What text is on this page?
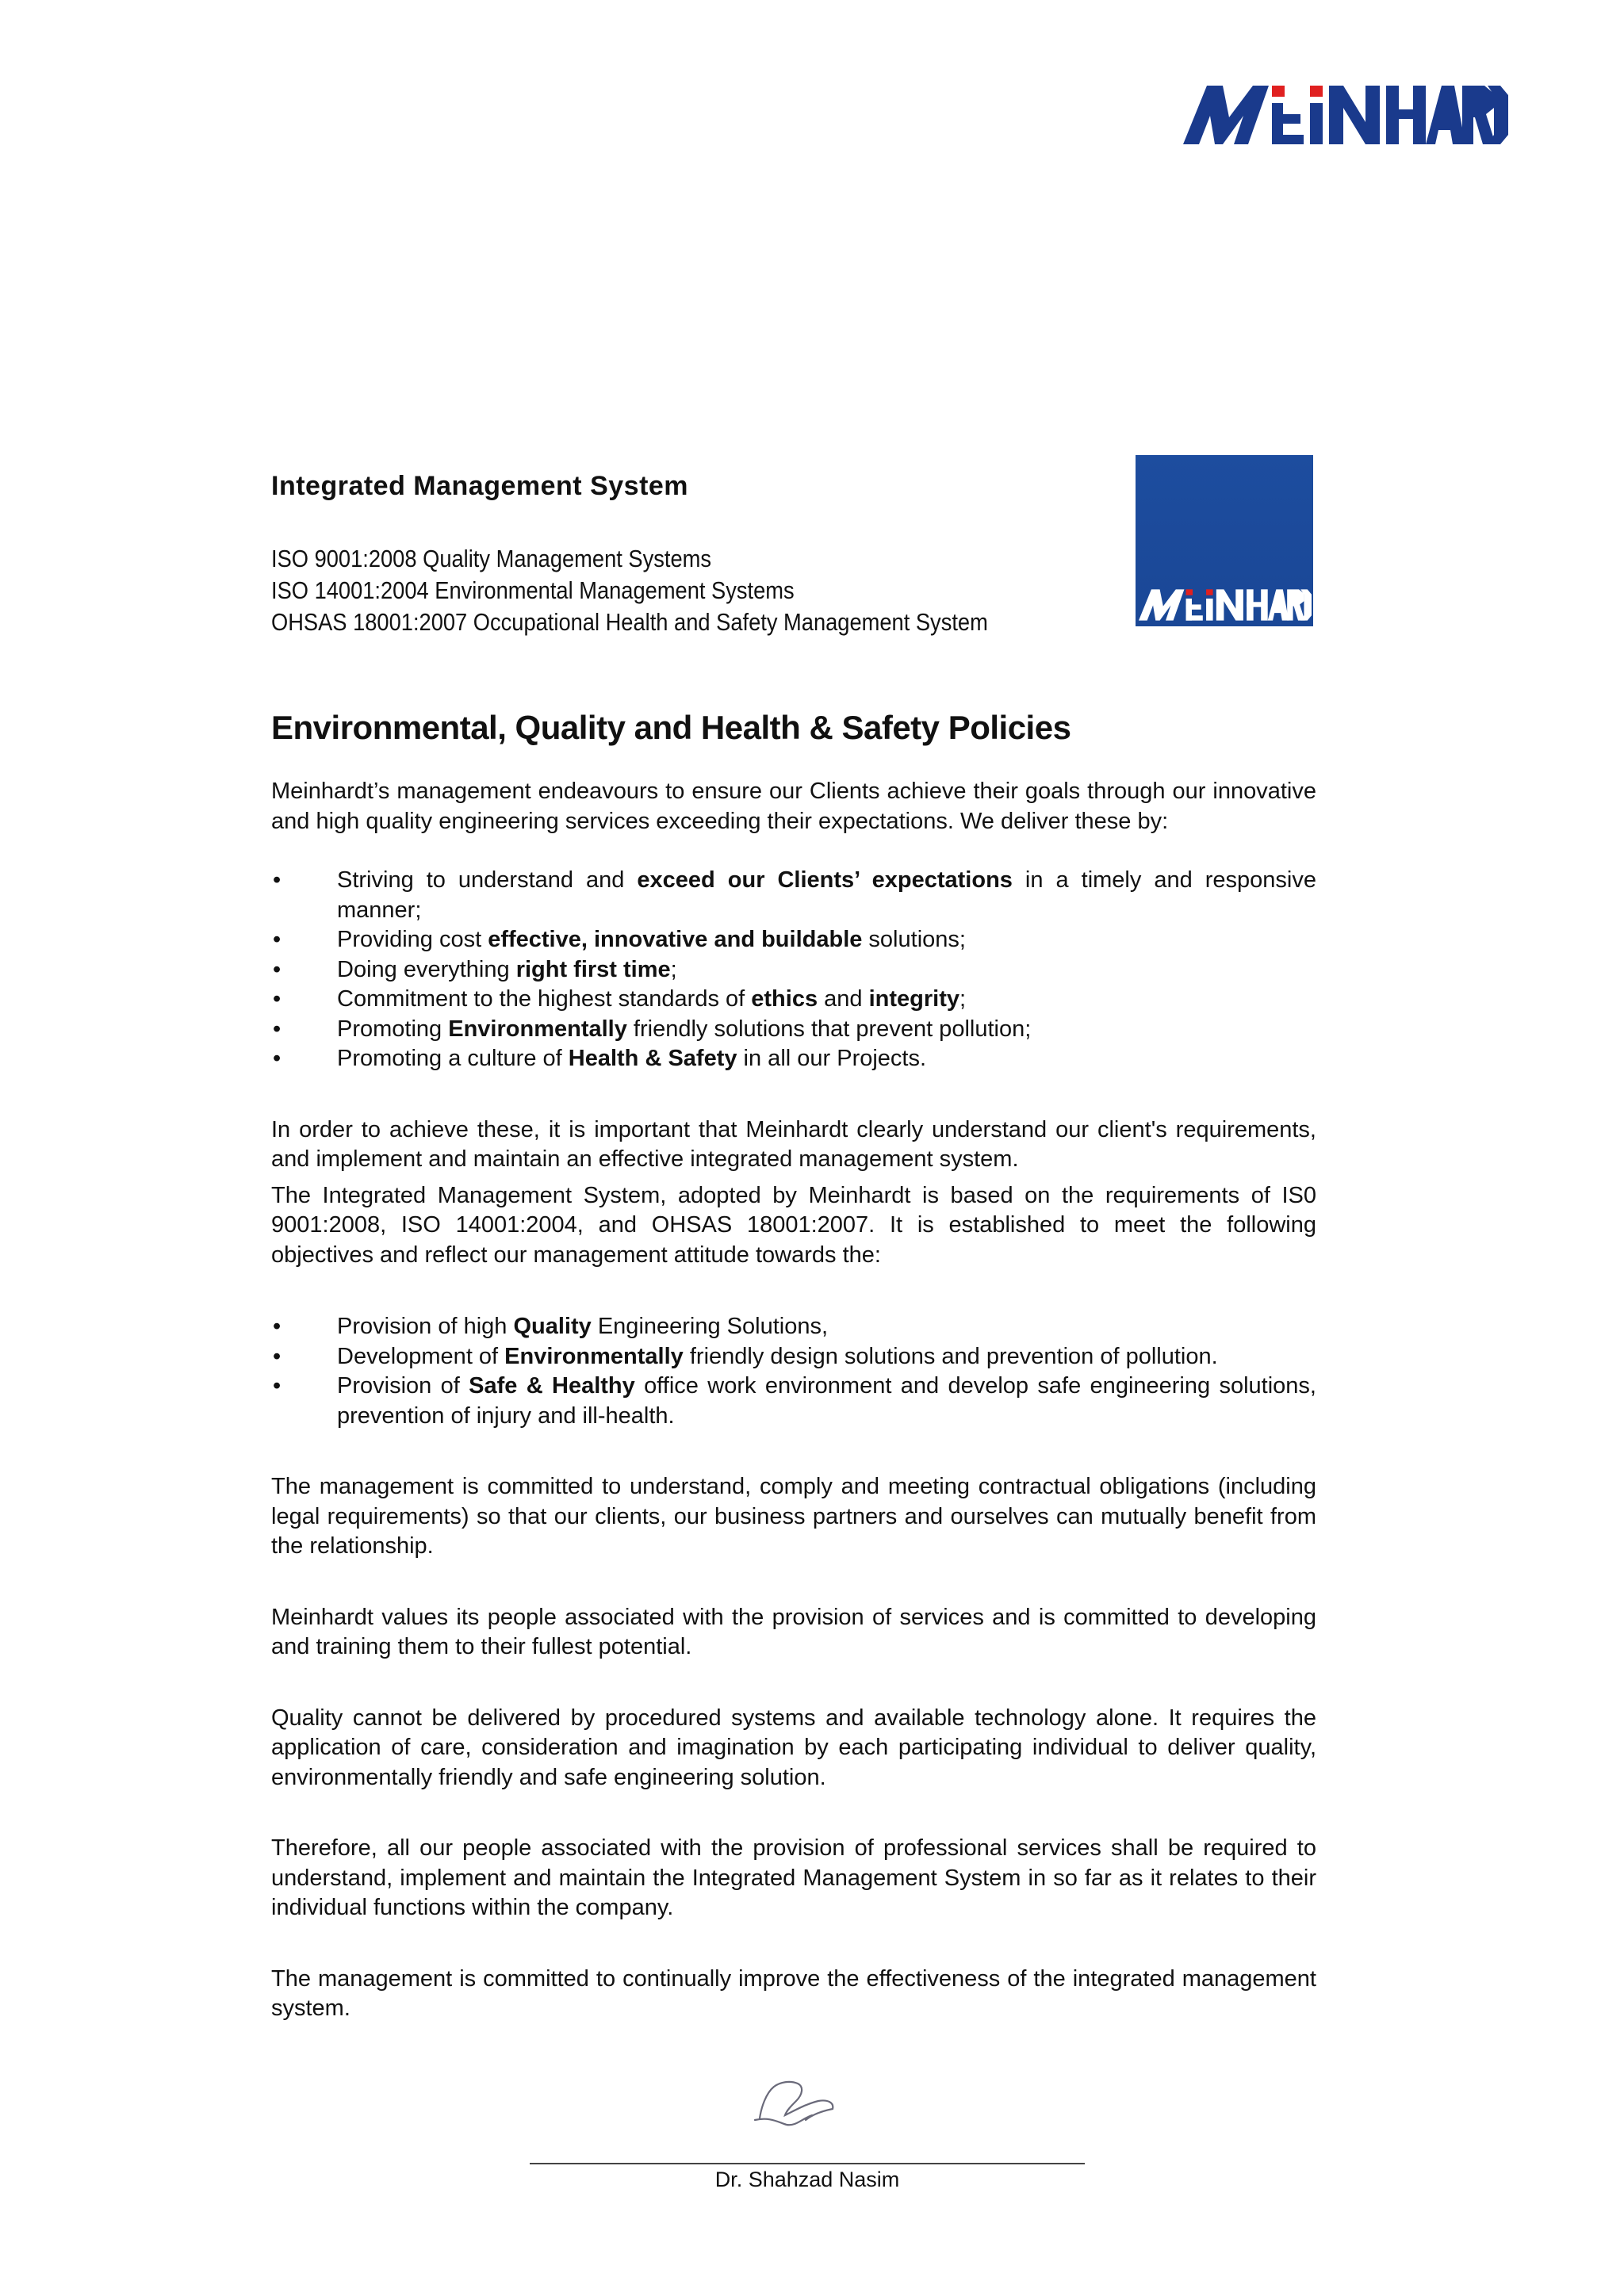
Integrated Management System
ISO 9001:2008 Quality Management Systems
ISO 14001:2004 Environmental Management Systems
OHSAS 18001:2007 Occupational Health and Safety Management System
Environmental, Quality and Health & Safety Policies

Meinhardt’s management endeavours to ensure our Clients achieve their goals through our innovative and high quality engineering services exceeding their expectations. We deliver these by:

• Striving to understand and exceed our Clients’ expectations in a timely and responsive manner;
• Providing cost effective, innovative and buildable solutions;
• Doing everything right first time;
• Commitment to the highest standards of ethics and integrity;
• Promoting Environmentally friendly solutions that prevent pollution;
• Promoting a culture of Health & Safety in all our Projects.

In order to achieve these, it is important that Meinhardt clearly understand our client's requirements, and implement and maintain an effective integrated management system.

The Integrated Management System, adopted by Meinhardt is based on the requirements of IS0 9001:2008, ISO 14001:2004, and OHSAS 18001:2007. It is established to meet the following objectives and reflect our management attitude towards the:

• Provision of high Quality Engineering Solutions,
• Development of Environmentally friendly design solutions and prevention of pollution.
• Provision of Safe & Healthy office work environment and develop safe engineering solutions, prevention of injury and ill-health.

The management is committed to understand, comply and meeting contractual obligations (including legal requirements) so that our clients, our business partners and ourselves can mutually benefit from the relationship.

Meinhardt values its people associated with the provision of services and is committed to developing and training them to their fullest potential.

Quality cannot be delivered by procedured systems and available technology alone. It requires the application of care, consideration and imagination by each participating individual to deliver quality, environmentally friendly and safe engineering solution.

Therefore, all our people associated with the provision of professional services shall be required to understand, implement and maintain the Integrated Management System in so far as it relates to their individual functions within the company.

The management is committed to continually improve the effectiveness of the integrated management system.

Dr. Shahzad Nasim
